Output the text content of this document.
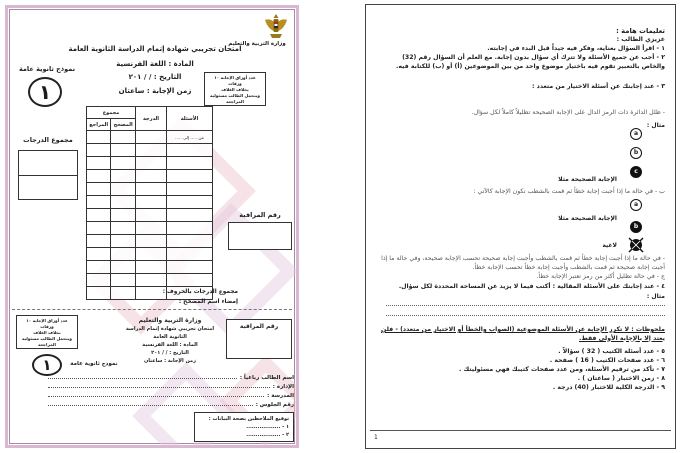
وزارة التربية والتعليم
امتحان تجريبي شهادة إتمام الدراسة الثانوية العامة
المادة : اللغة الفرنسية
التاريخ : / / ٢٠١
زمن الإجابة : ساعتان
عدد أوراق الإجابة ١٠ ورقات
بخلاف الغلاف
ويتحمل الطالب مسئولية المراجعة
نموذج ثانوية عامة
١
الأسئلة	الدرجة	مجموع	
		المصحح	المراجع
من ..... إلى .....			

مجموع الدرجات
رقم المراقبة
مجموع الدرجات بالحروف :
إمضاء اسم المصحح :
رقم المراقبة
وزارة التربية والتعليم
امتحان تجريبي شهادة إتمام الدراسة الثانوية العامة
المادة : اللغة الفرنسية
التاريخ : / / ٢٠١
زمن الإجابة : ساعتان
عدد أوراق الإجابة ١٠ ورقات
بخلاف الغلاف
ويتحمل الطالب مسئولية المراجعة
١	نموذج ثانوية عامة
اسم الطالب رباعياً :
الإدارة :
المدرسة :
رقم الجلوس :
توقيع الملاحظين بصحة البيانات :
١ - ..................
٢ - ..................
تعليمات هامة :
عزيزي الطالب :
١ - اقرأ السؤال بعناية، وفكر فيه جيداً قبل البدء في إجابته.
٢ - أجب عن جميع الأسئلة ولا تترك أي سؤال بدون إجابة. مع العلم أن السؤال رقم (32) والخاص بالتعبير تقوم فيه باختيار موضوع واحد من بين الموضوعين (أ) أو (ب) للكتابة فيه.
٣ - عند إجابتك عن أسئلة الاختيار من متعدد :
- ظلل الدائرة ذات الرمز الدال على الإجابة الصحيحة تظليلاً كاملاً لكل سؤال.
مثال :
a
b
c
الإجابة الصحيحة مثلا
ب - في حالة ما إذا أجبت إجابة خطأ ثم قمت بالشطب تكون الإجابة كالآتي :
a
الإجابة الصحيحة مثلا
b
لاغية
- في حالة ما إذا أجبت إجابة خطأ ثم قمت بالشطب وأجبت إجابة صحيحة تحسب الإجابة صحيحة، وفي حالة ما إذا أجبت إجابة صحيحة ثم قمت بالشطب وأجبت إجابة خطأ تحسب الإجابة خطأ.
ج - في حالة تظليل أكثر من رمز تعتبر الإجابة خطأ.
٤ - عند إجابتك على الأسئلة المقالية : أكتب فيما لا يزيد عن المساحة المحددة لكل سؤال.
مثال :
ملحوظات : لا تكرر الإجابة عن الأسئلة الموضوعية (الصواب والخطأ أو الاختيار من متعدد) - فلن يعتد إلا بالإجابة الأولى فقط.
٥ - عدد أسئلة الكتيب ( 32 ) سؤالاً .
٦ - عدد صفحات الكتيب ( 16 ) صفحة .
٧ - تأكد من ترقيم الأسئلة، ومن عدد صفحات كتيبك فهي مسئوليتك .
٨ - زمن الاختبار ( ساعتان ) .
٩ - الدرجة الكلية للاختبار (40) درجة .
1
